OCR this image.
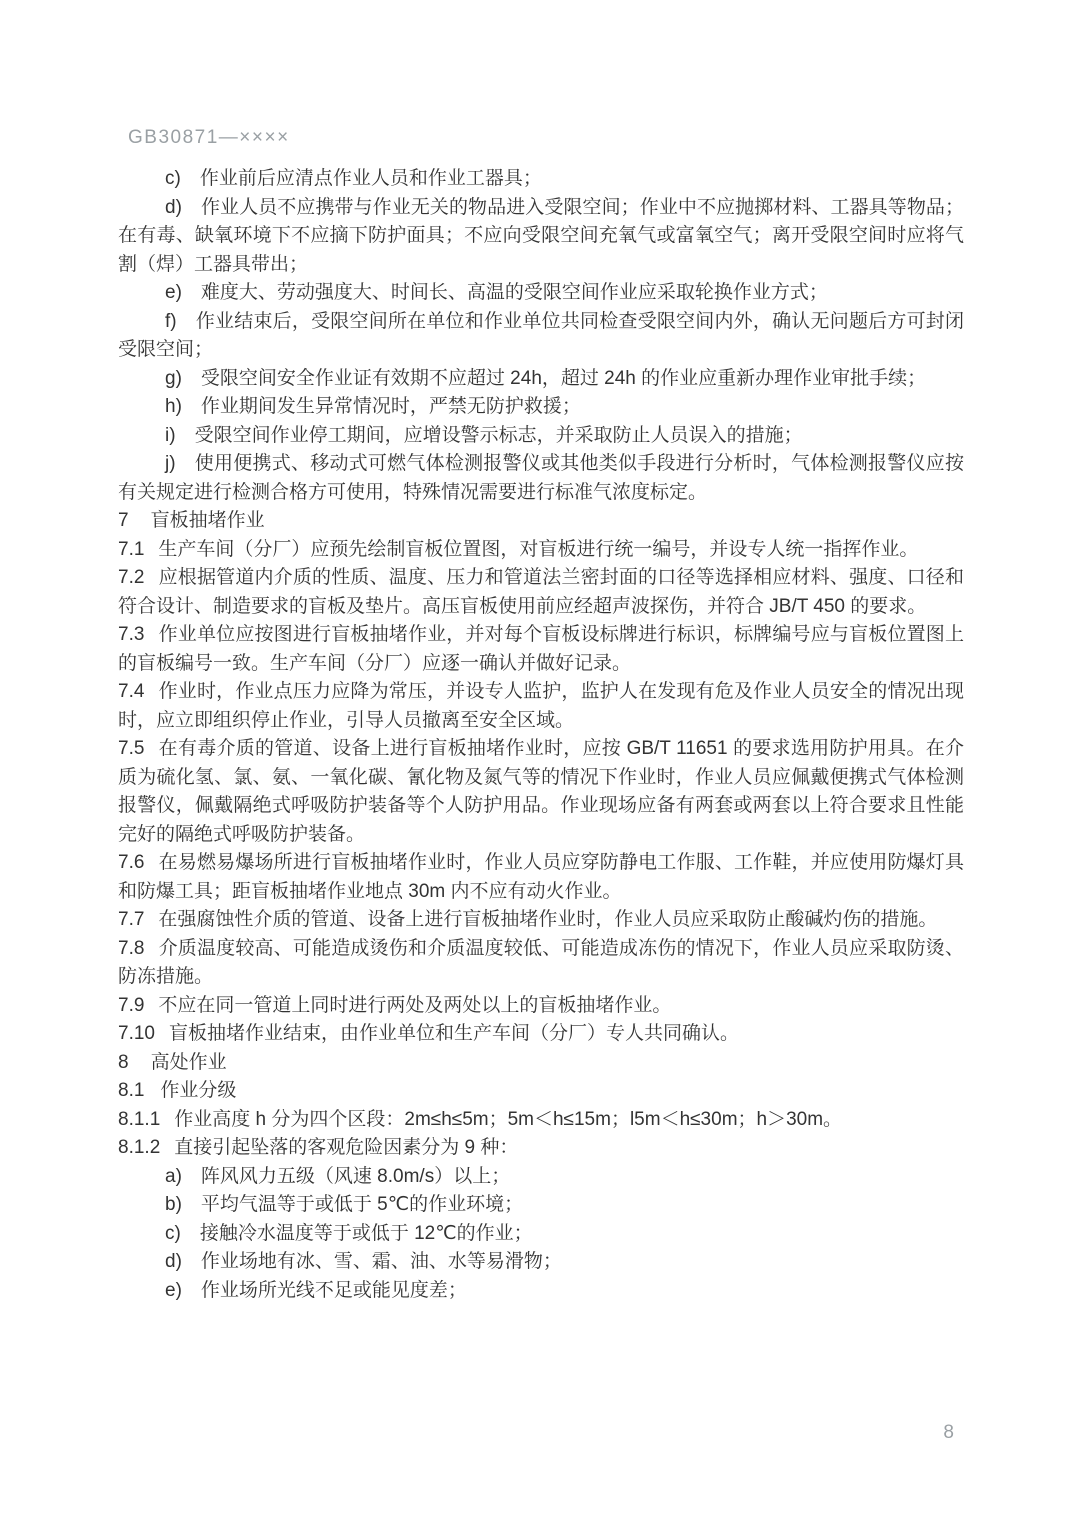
GB30871—××××

c) 作业前后应清点作业人员和作业工器具；

d) 作业人员不应携带与作业无关的物品进入受限空间；作业中不应抛掷材料、工器具等物品；在有毒、缺氧环境下不应摘下防护面具；不应向受限空间充氧气或富氧空气；离开受限空间时应将气割（焊）工器具带出；

e) 难度大、劳动强度大、时间长、高温的受限空间作业应采取轮换作业方式；

f) 作业结束后，受限空间所在单位和作业单位共同检查受限空间内外，确认无问题后方可封闭受限空间；

g) 受限空间安全作业证有效期不应超过 24h，超过 24h 的作业应重新办理作业审批手续；

h) 作业期间发生异常情况时，严禁无防护救援；

i) 受限空间作业停工期间，应增设警示标志，并采取防止人员误入的措施；

j) 使用便携式、移动式可燃气体检测报警仪或其他类似手段进行分析时，气体检测报警仪应按有关规定进行检测合格方可使用，特殊情况需要进行标准气浓度标定。

7 盲板抽堵作业

7.1 生产车间（分厂）应预先绘制盲板位置图，对盲板进行统一编号，并设专人统一指挥作业。

7.2 应根据管道内介质的性质、温度、压力和管道法兰密封面的口径等选择相应材料、强度、口径和符合设计、制造要求的盲板及垫片。高压盲板使用前应经超声波探伤，并符合 JB/T 450 的要求。

7.3 作业单位应按图进行盲板抽堵作业，并对每个盲板设标牌进行标识，标牌编号应与盲板位置图上的盲板编号一致。生产车间（分厂）应逐一确认并做好记录。

7.4 作业时，作业点压力应降为常压，并设专人监护，监护人在发现有危及作业人员安全的情况出现时，应立即组织停止作业，引导人员撤离至安全区域。

7.5 在有毒介质的管道、设备上进行盲板抽堵作业时，应按 GB/T 11651 的要求选用防护用具。在介质为硫化氢、氯、氨、一氧化碳、氰化物及氮气等的情况下作业时，作业人员应佩戴便携式气体检测报警仪，佩戴隔绝式呼吸防护装备等个人防护用品。作业现场应备有两套或两套以上符合要求且性能完好的隔绝式呼吸防护装备。

7.6 在易燃易爆场所进行盲板抽堵作业时，作业人员应穿防静电工作服、工作鞋，并应使用防爆灯具和防爆工具；距盲板抽堵作业地点 30m 内不应有动火作业。

7.7 在强腐蚀性介质的管道、设备上进行盲板抽堵作业时，作业人员应采取防止酸碱灼伤的措施。

7.8 介质温度较高、可能造成烫伤和介质温度较低、可能造成冻伤的情况下，作业人员应采取防烫、防冻措施。

7.9 不应在同一管道上同时进行两处及两处以上的盲板抽堵作业。

7.10 盲板抽堵作业结束，由作业单位和生产车间（分厂）专人共同确认。

8 高处作业

8.1 作业分级

8.1.1 作业高度 h 分为四个区段：2m≤h≤5m；5m＜h≤15m；l5m＜h≤30m；h＞30m。

8.1.2 直接引起坠落的客观危险因素分为 9 种：

a) 阵风风力五级（风速 8.0m/s）以上；

b) 平均气温等于或低于 5℃的作业环境；

c) 接触冷水温度等于或低于 12℃的作业；

d) 作业场地有冰、雪、霜、油、水等易滑物；

e) 作业场所光线不足或能见度差；

8
